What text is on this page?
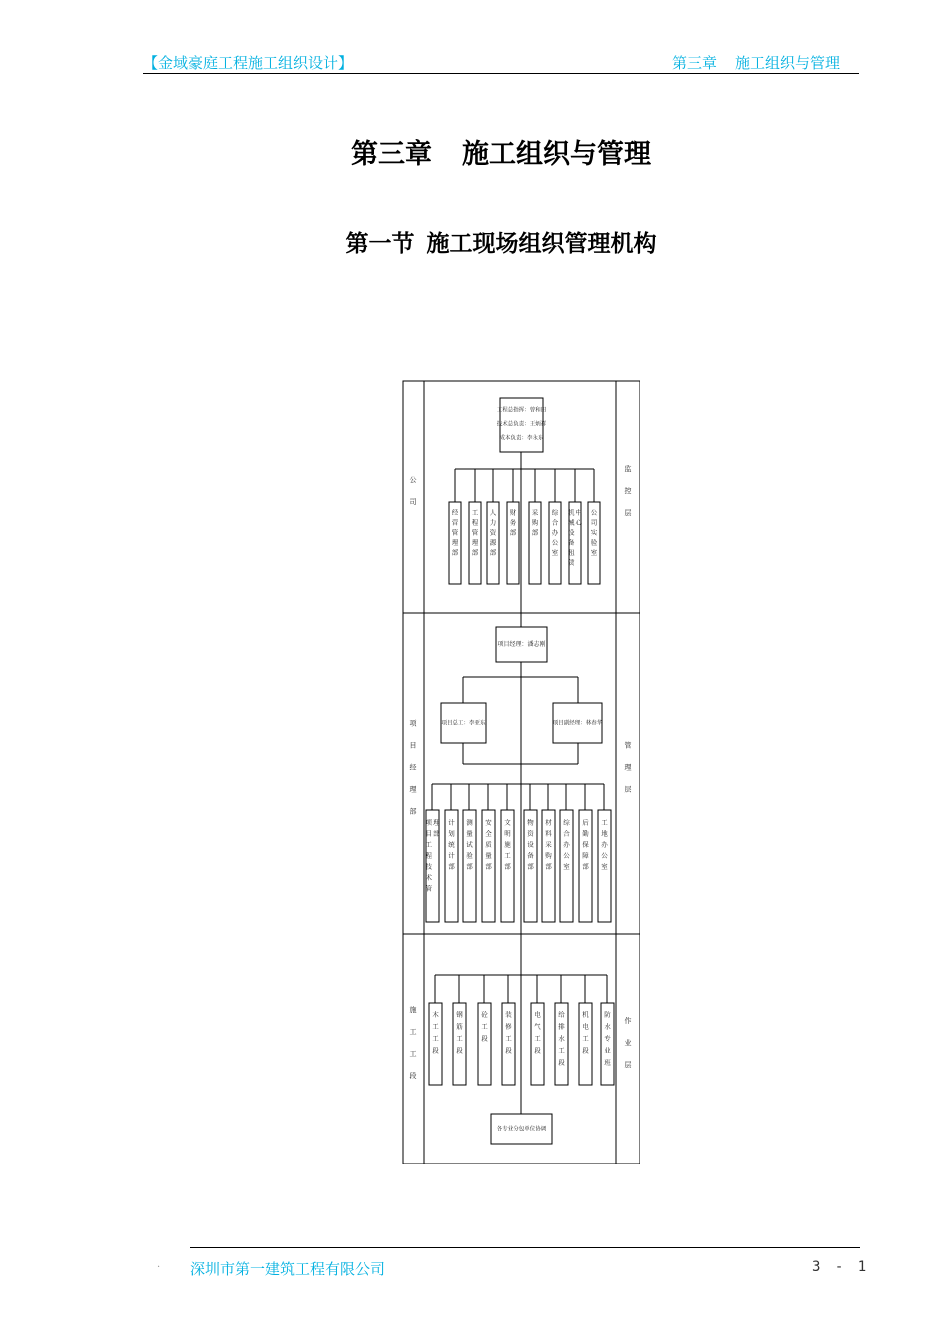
【金域豪庭工程施工组织设计】	第三章 施工组织与管理
第三章 施工组织与管理
第一节 施工现场组织管理机构
公司
监控层
项目经理部
管理层
施工工段
作业层
工程总指挥：曾和田
技术总负责：王炳祥
成本负责：李永东
经营管理部
工程管理部
人力资源部
财务部
采购部
综合办公室
机械设备租赁中心
公司实验室
项目经理：潘志刚
项目总工：李亚东	项目副经理：林春华
项目工程技术管理部
计划统计部
测量试验部
安全质量部
文明施工部
物资设备部
材料采购部
综合办公室
后勤保障部
工地办公室
木工工段
钢筋工段
砼工段
装修工段
电气工段
给排水工段
机电工段
防水专业班
各专业分包单位协调
· 深圳市第一建筑工程有限公司	3 - 1
